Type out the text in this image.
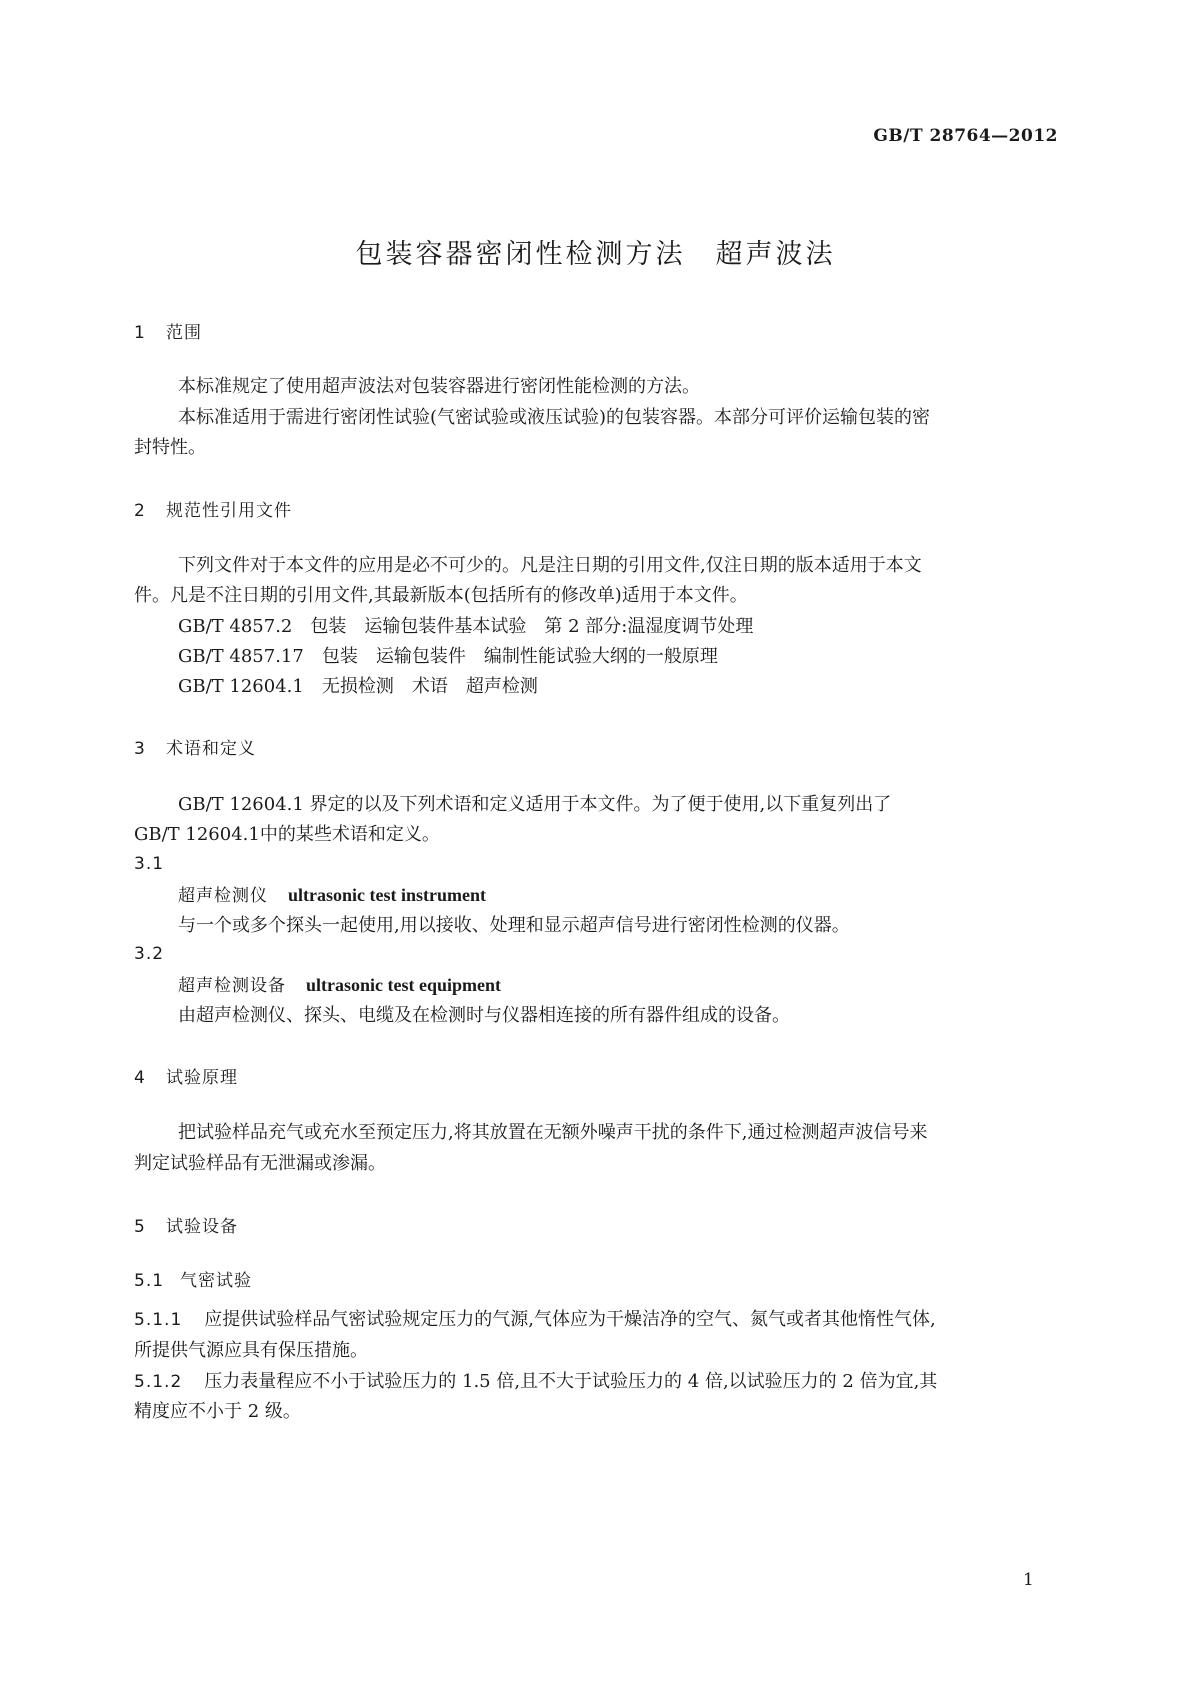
GB/T 28764—2012
包装容器密闭性检测方法　超声波法
1 范围
本标准规定了使用超声波法对包装容器进行密闭性能检测的方法。
本标准适用于需进行密闭性试验(气密试验或液压试验)的包装容器。本部分可评价运输包装的密
封特性。
2 规范性引用文件
下列文件对于本文件的应用是必不可少的。凡是注日期的引用文件,仅注日期的版本适用于本文
件。凡是不注日期的引用文件,其最新版本(包括所有的修改单)适用于本文件。
GB/T 4857.2　包装　运输包装件基本试验　第 2 部分:温湿度调节处理
GB/T 4857.17　包装　运输包装件　编制性能试验大纲的一般原理
GB/T 12604.1　无损检测　术语　超声检测
3 术语和定义
GB/T 12604.1 界定的以及下列术语和定义适用于本文件。为了便于使用,以下重复列出了
GB/T 12604.1中的某些术语和定义。
3.1
超声检测仪 ultrasonic test instrument
与一个或多个探头一起使用,用以接收、处理和显示超声信号进行密闭性检测的仪器。
3.2
超声检测设备 ultrasonic test equipment
由超声检测仪、探头、电缆及在检测时与仪器相连接的所有器件组成的设备。
4 试验原理
把试验样品充气或充水至预定压力,将其放置在无额外噪声干扰的条件下,通过检测超声波信号来
判定试验样品有无泄漏或渗漏。
5 试验设备
5.1 气密试验
5.1.1 应提供试验样品气密试验规定压力的气源,气体应为干燥洁净的空气、氮气或者其他惰性气体,
所提供气源应具有保压措施。
5.1.2 压力表量程应不小于试验压力的 1.5 倍,且不大于试验压力的 4 倍,以试验压力的 2 倍为宜,其
精度应不小于 2 级。
1
